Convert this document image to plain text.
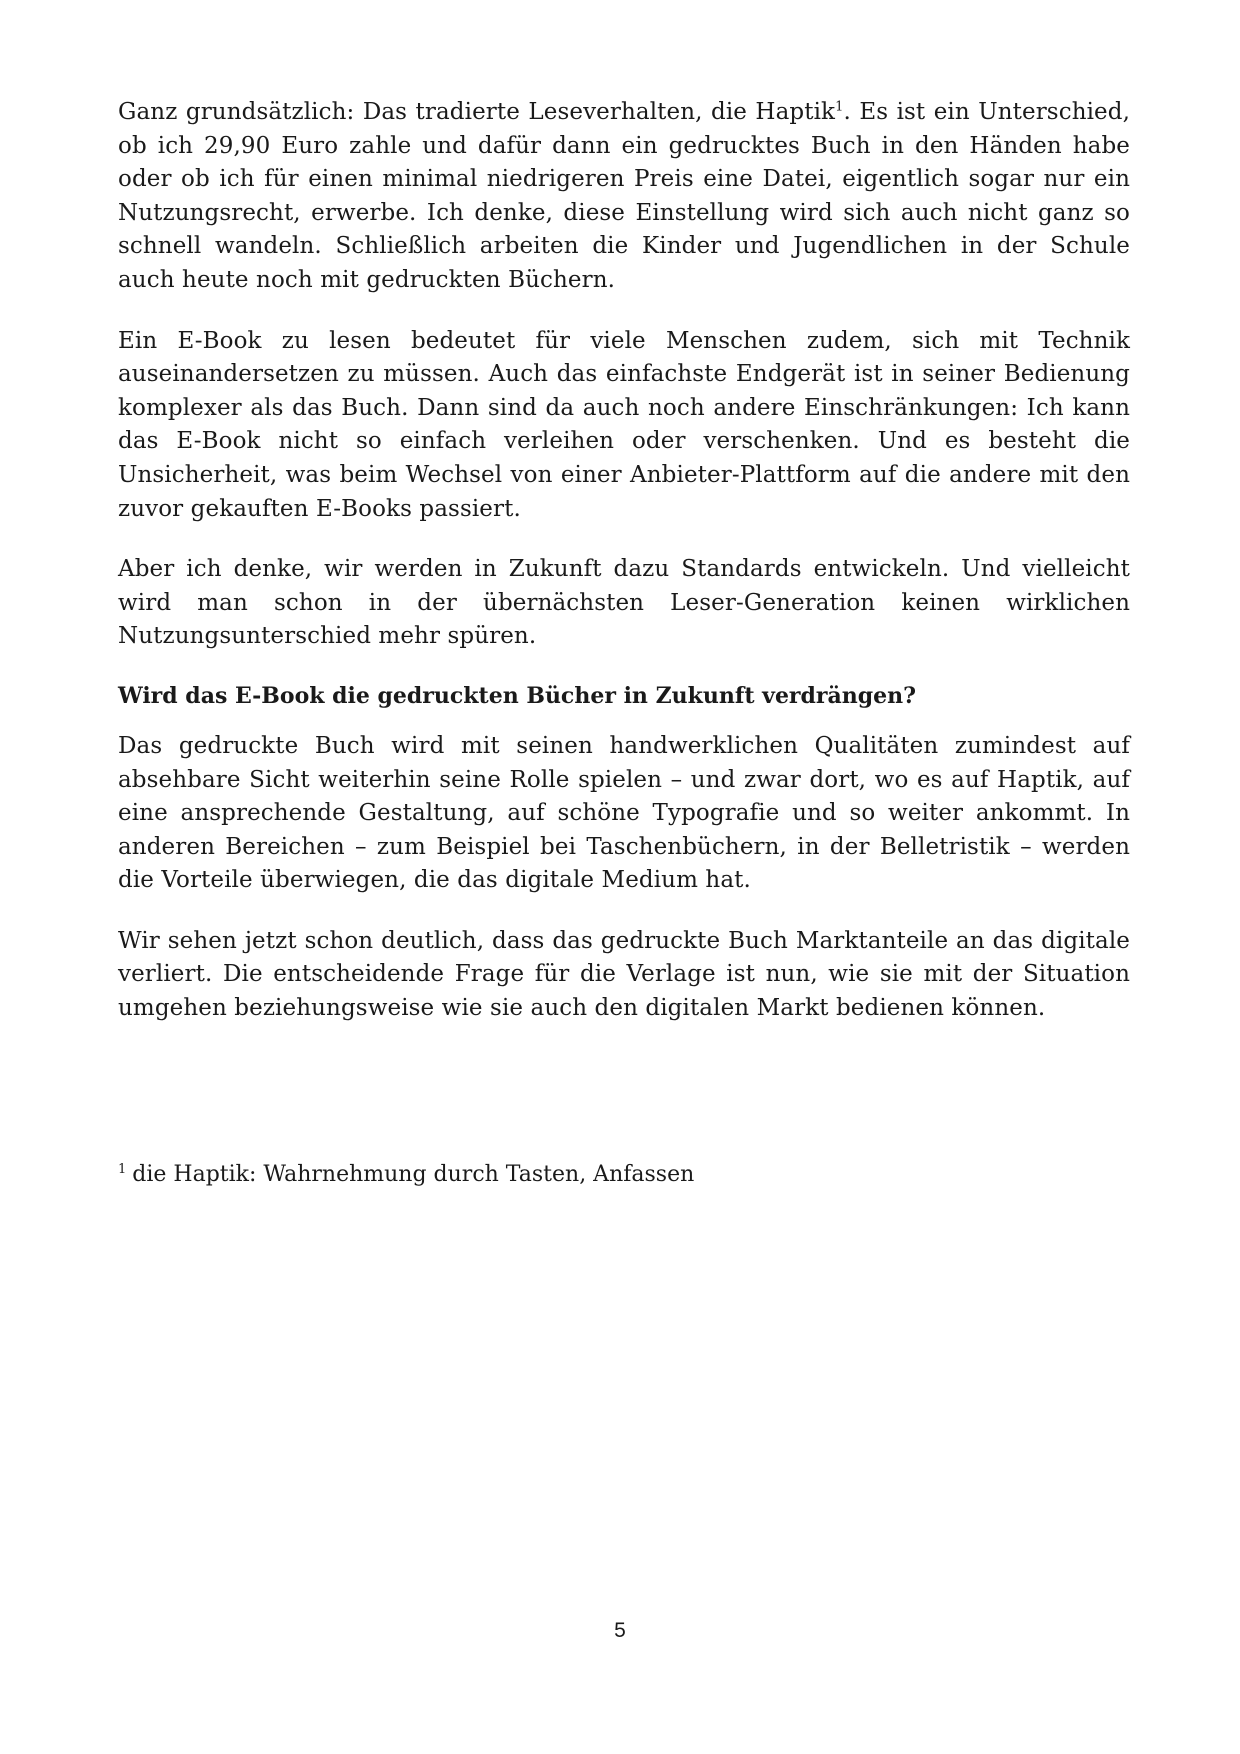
Ganz grundsätzlich: Das tradierte Leseverhalten, die Haptik$^1$. Es ist ein Unterschied, ob ich 29,90 Euro zahle und dafür dann ein gedrucktes Buch in den Händen habe oder ob ich für einen minimal niedrigeren Preis eine Datei, eigentlich sogar nur ein Nutzungsrecht, erwerbe. Ich denke, diese Einstellung wird sich auch nicht ganz so schnell wandeln. Schließlich arbeiten die Kinder und Jugendlichen in der Schule auch heute noch mit gedruckten Büchern.

Ein E-Book zu lesen bedeutet für viele Menschen zudem, sich mit Technik auseinandersetzen zu müssen. Auch das einfachste Endgerät ist in seiner Bedienung komplexer als das Buch. Dann sind da auch noch andere Einschränkungen: Ich kann das E-Book nicht so einfach verleihen oder verschenken. Und es besteht die Unsicherheit, was beim Wechsel von einer Anbieter-Plattform auf die andere mit den zuvor gekauften E-Books passiert.

Aber ich denke, wir werden in Zukunft dazu Standards entwickeln. Und vielleicht wird man schon in der übernächsten Leser-Generation keinen wirklichen Nutzungsunterschied mehr spüren.

Wird das E-Book die gedruckten Bücher in Zukunft verdrängen?

Das gedruckte Buch wird mit seinen handwerklichen Qualitäten zumindest auf absehbare Sicht weiterhin seine Rolle spielen – und zwar dort, wo es auf Haptik, auf eine ansprechende Gestaltung, auf schöne Typografie und so weiter ankommt. In anderen Bereichen – zum Beispiel bei Taschenbüchern, in der Belletristik – werden die Vorteile überwiegen, die das digitale Medium hat.

Wir sehen jetzt schon deutlich, dass das gedruckte Buch Marktanteile an das digitale verliert. Die entscheidende Frage für die Verlage ist nun, wie sie mit der Situation umgehen beziehungsweise wie sie auch den digitalen Markt bedienen können.

$^1$ die Haptik: Wahrnehmung durch Tasten, Anfassen
5
